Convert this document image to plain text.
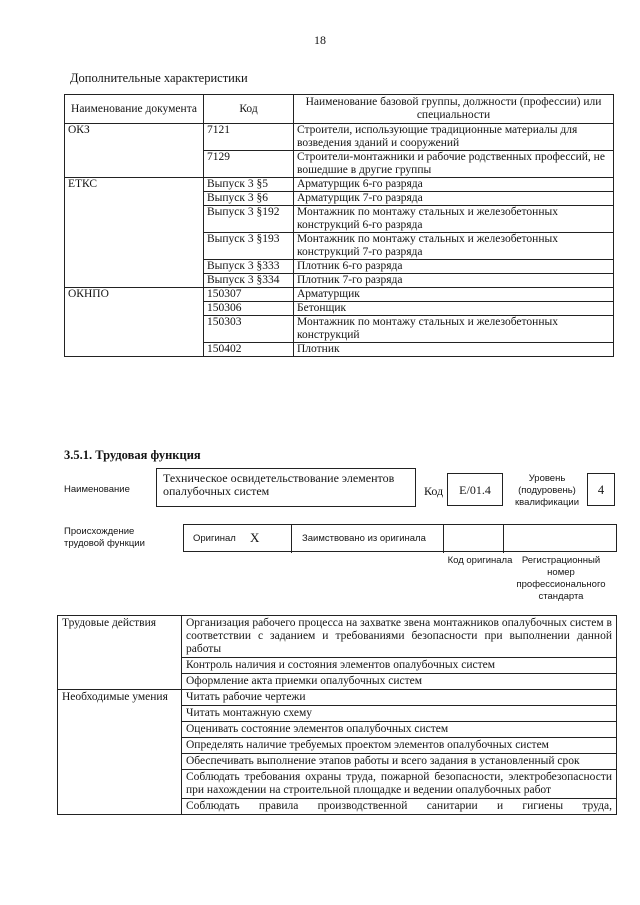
18
Дополнительные характеристики
Наименование документа	Код	Наименование базовой группы, должности (профессии) или специальности
ОКЗ	7121	Строители, использующие традиционные материалы для возведения зданий и сооружений
	7129	Строители-монтажники и рабочие родственных профессий, не вошедшие в другие группы
ЕТКС	Выпуск 3 §5	Арматурщик 6-го разряда
	Выпуск 3 §6	Арматурщик 7-го разряда
	Выпуск 3 §192	Монтажник по монтажу стальных и железобетонных конструкций 6-го разряда
	Выпуск 3 §193	Монтажник по монтажу стальных и железобетонных конструкций 7-го разряда
	Выпуск 3 §333	Плотник 6-го разряда
	Выпуск 3 §334	Плотник 7-го разряда
ОКНПО	150307	Арматурщик
	150306	Бетонщик
	150303	Монтажник по монтажу стальных и железобетонных конструкций
	150402	Плотник
3.5.1. Трудовая функция
Наименование
Техническое освидетельствование элементов опалубочных систем	Код	E/01.4
Уровень (подуровень) квалификации
4
Происхождение трудовой функции	Оригинал X	Заимствовано из оригинала
Код оригинала Регистрационный номер профессионального стандарта
Трудовые действия	Организация рабочего процесса на захватке звена монтажников опалубочных систем в соответствии с заданием и требованиями безопасности при выполнении данной работы
	Контроль наличия и состояния элементов опалубочных систем
	Оформление акта приемки опалубочных систем
Необходимые умения	Читать рабочие чертежи
	Читать монтажную схему
	Оценивать состояние элементов опалубочных систем
	Определять наличие требуемых проектом элементов опалубочных систем
	Обеспечивать выполнение этапов работы и всего задания в установленный срок
	Соблюдать требования охраны труда, пожарной безопасности, электробезопасности при нахождении на строительной площадке и ведении опалубочных работ
	Соблюдать правила производственной санитарии и гигиены труда,
